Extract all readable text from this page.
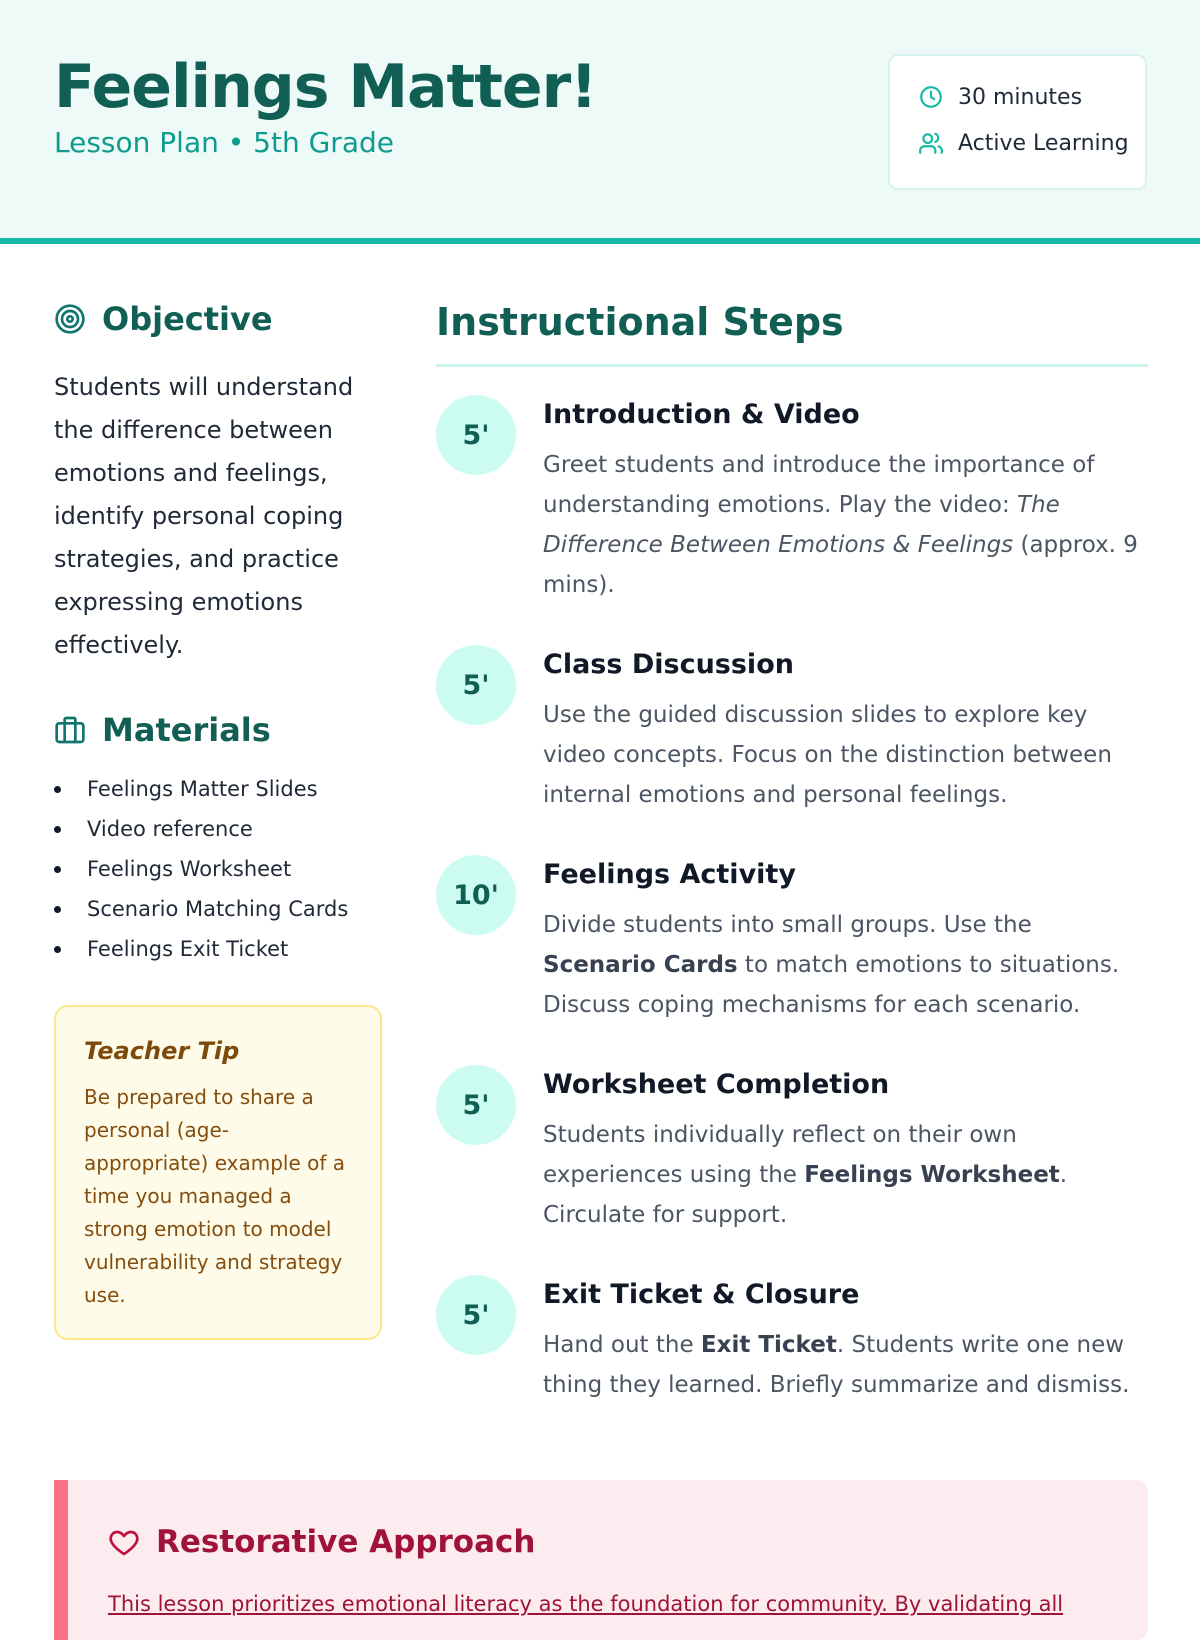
Feelings Matter!
Lesson Plan • 5th Grade
30 minutes
Active Learning
Objective

Students will understand the difference between emotions and feelings, identify personal coping strategies, and practice expressing emotions effectively.

Materials
Feelings Matter Slides
Video reference
Feelings Worksheet
Scenario Matching Cards
Feelings Exit Ticket
Teacher Tip

Be prepared to share a personal (age-appropriate) example of a time you managed a strong emotion to model vulnerability and strategy use.

Instructional Steps
5'
Introduction & Video

Greet students and introduce the importance of understanding emotions. Play the video: The Difference Between Emotions & Feelings (approx. 9 mins).

5'
Class Discussion

Use the guided discussion slides to explore key video concepts. Focus on the distinction between internal emotions and personal feelings.

10'
Feelings Activity

Divide students into small groups. Use the Scenario Cards to match emotions to situations. Discuss coping mechanisms for each scenario.

5'
Worksheet Completion

Students individually reflect on their own experiences using the Feelings Worksheet. Circulate for support.

5'
Exit Ticket & Closure

Hand out the Exit Ticket. Students write one new thing they learned. Briefly summarize and dismiss.

Restorative Approach

This lesson prioritizes emotional literacy as the foundation for community. By validating all
